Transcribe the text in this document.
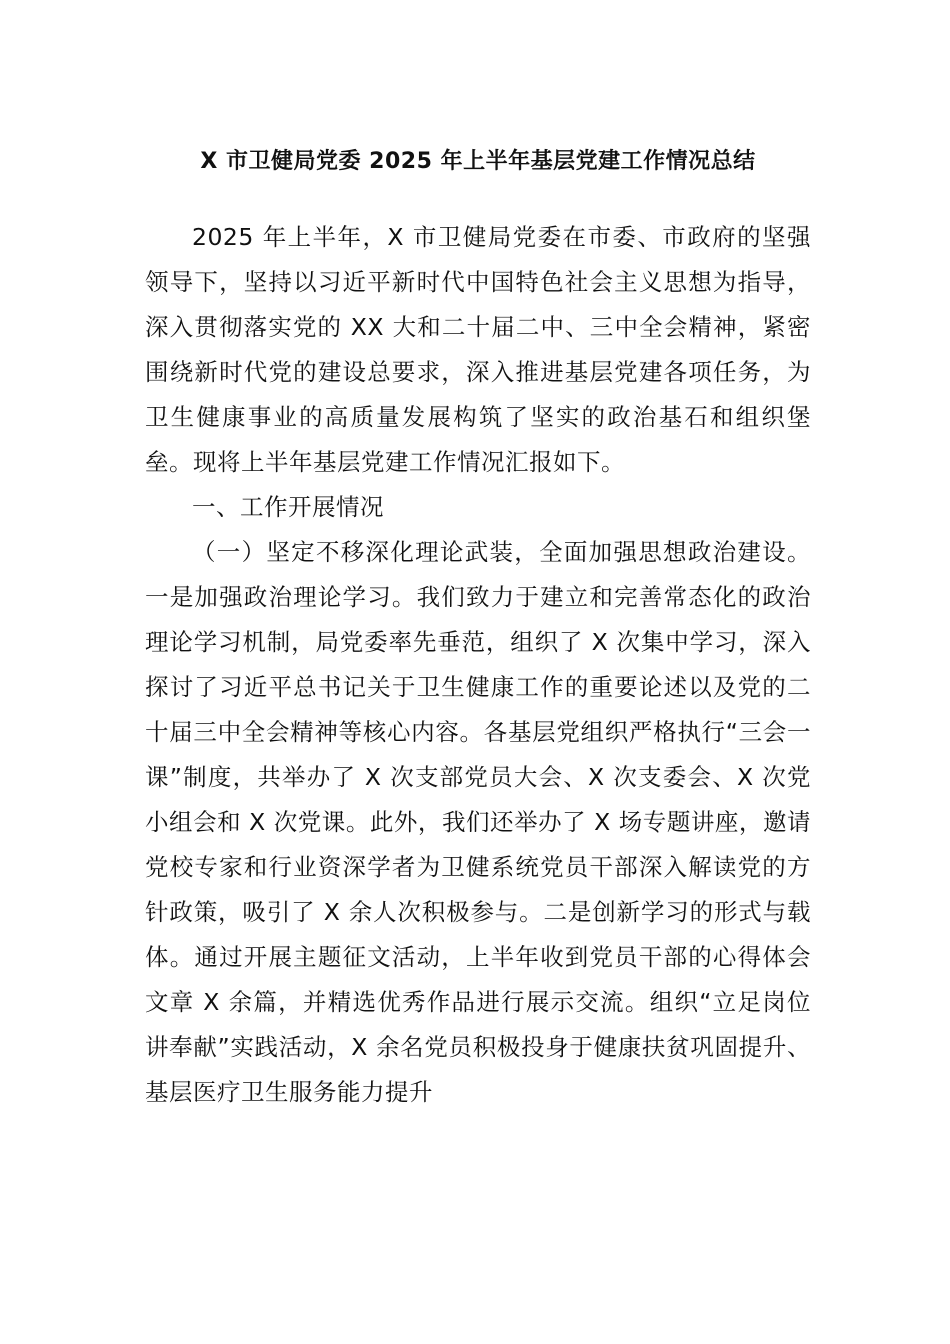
X 市卫健局党委 2025 年上半年基层党建工作情况总结

2025 年上半年，X 市卫健局党委在市委、市政府的坚强领导下，坚持以习近平新时代中国特色社会主义思想为指导，深入贯彻落实党的 XX 大和二十届二中、三中全会精神，紧密围绕新时代党的建设总要求，深入推进基层党建各项任务，为卫生健康事业的高质量发展构筑了坚实的政治基石和组织堡垒。现将上半年基层党建工作情况汇报如下。

一、工作开展情况

（一）坚定不移深化理论武装，全面加强思想政治建设。一是加强政治理论学习。我们致力于建立和完善常态化的政治理论学习机制，局党委率先垂范，组织了 X 次集中学习，深入探讨了习近平总书记关于卫生健康工作的重要论述以及党的二十届三中全会精神等核心内容。各基层党组织严格执行“三会一课”制度，共举办了 X 次支部党员大会、X 次支委会、X 次党小组会和 X 次党课。此外，我们还举办了 X 场专题讲座，邀请党校专家和行业资深学者为卫健系统党员干部深入解读党的方针政策，吸引了 X 余人次积极参与。二是创新学习的形式与载体。通过开展主题征文活动，上半年收到党员干部的心得体会文章 X 余篇，并精选优秀作品进行展示交流。组织“立足岗位讲奉献”实践活动，X 余名党员积极投身于健康扶贫巩固提升、基层医疗卫生服务能力提升
